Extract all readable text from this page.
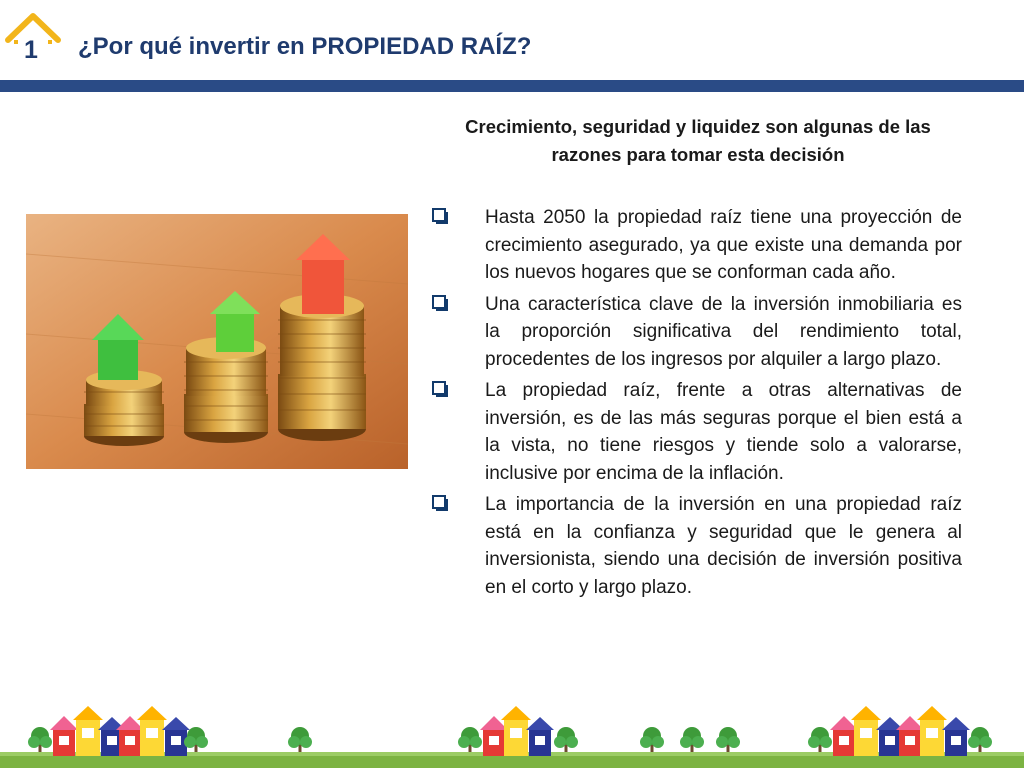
1 ¿Por qué invertir en PROPIEDAD RAÍZ?
Crecimiento, seguridad y liquidez son algunas de las razones para tomar esta decisión
Hasta 2050 la propiedad raíz tiene una proyección de crecimiento asegurado, ya que existe una demanda por los nuevos hogares que se conforman cada año.
Una característica clave de la inversión inmobiliaria es la proporción significativa del rendimiento total, procedentes de los ingresos por alquiler a largo plazo.
La propiedad raíz, frente a otras alternativas de inversión, es de las más seguras porque el bien está a la vista, no tiene riesgos y tiende solo a valorarse, inclusive por encima de la inflación.
La importancia de la inversión en una propiedad raíz está en la confianza y seguridad que le genera al inversionista, siendo una decisión de inversión positiva en el corto y largo plazo.
